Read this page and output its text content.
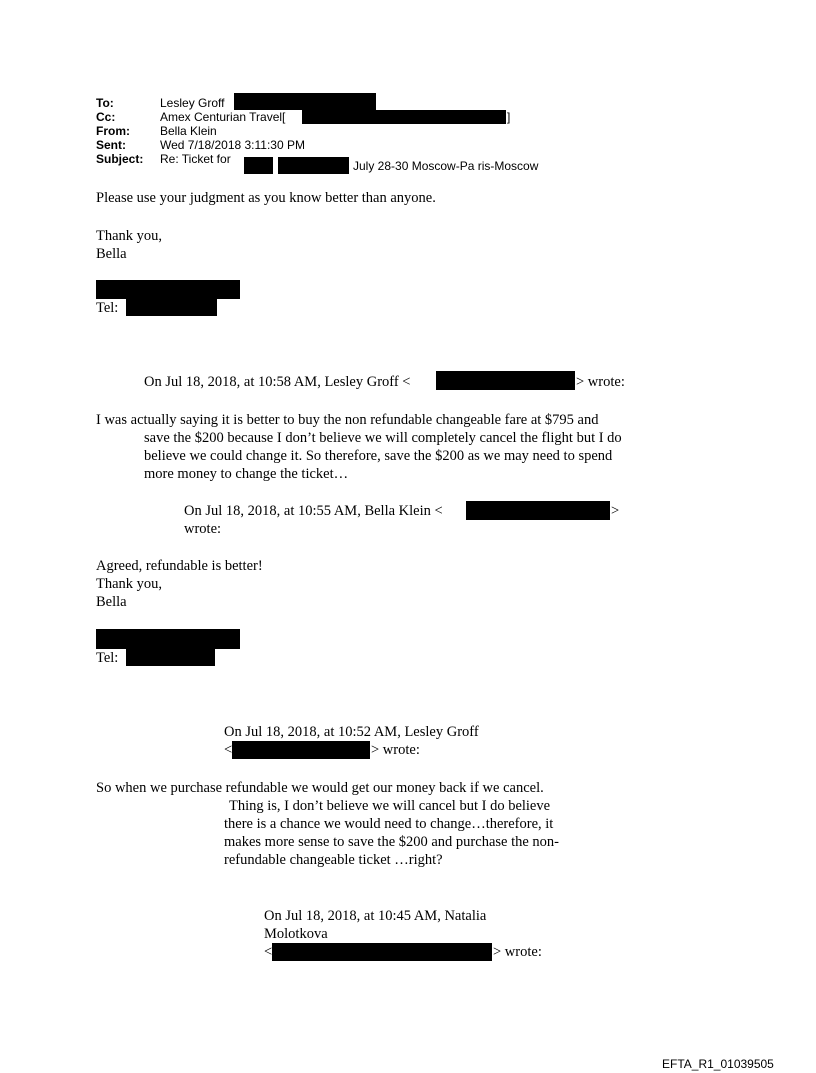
To:	Lesley Groff
Cc:	Amex Centurian Travel[	]
From:	Bella Klein
Sent:	Wed 7/18/2018 3:11:30 PM
Subject: Re: Ticket for	July 28-30 Moscow-Pa ris-Moscow
Please use your judgment as you know better than anyone.
Thank you,
Bella
Tel:
On Jul 18, 2018, at 10:58 AM, Lesley Groff <	> wrote:
I was actually saying it is better to buy the non refundable changeable fare at $795 and
save the $200 because I don’t believe we will completely cancel the flight but I do
believe we could change it. So therefore, save the $200 as we may need to spend
more money to change the ticket…
On Jul 18, 2018, at 10:55 AM, Bella Klein <	>
wrote:
Agreed, refundable is better!
Thank you,
Bella
Tel:
On Jul 18, 2018, at 10:52 AM, Lesley Groff
<	> wrote:
So when we purchase refundable we would get our money back if we cancel.
Thing is, I don’t believe we will cancel but I do believe
there is a chance we would need to change…therefore, it
makes more sense to save the $200 and purchase the non-
refundable changeable ticket …right?
On Jul 18, 2018, at 10:45 AM, Natalia
Molotkova
<	> wrote:
EFTA_R1_01039505
